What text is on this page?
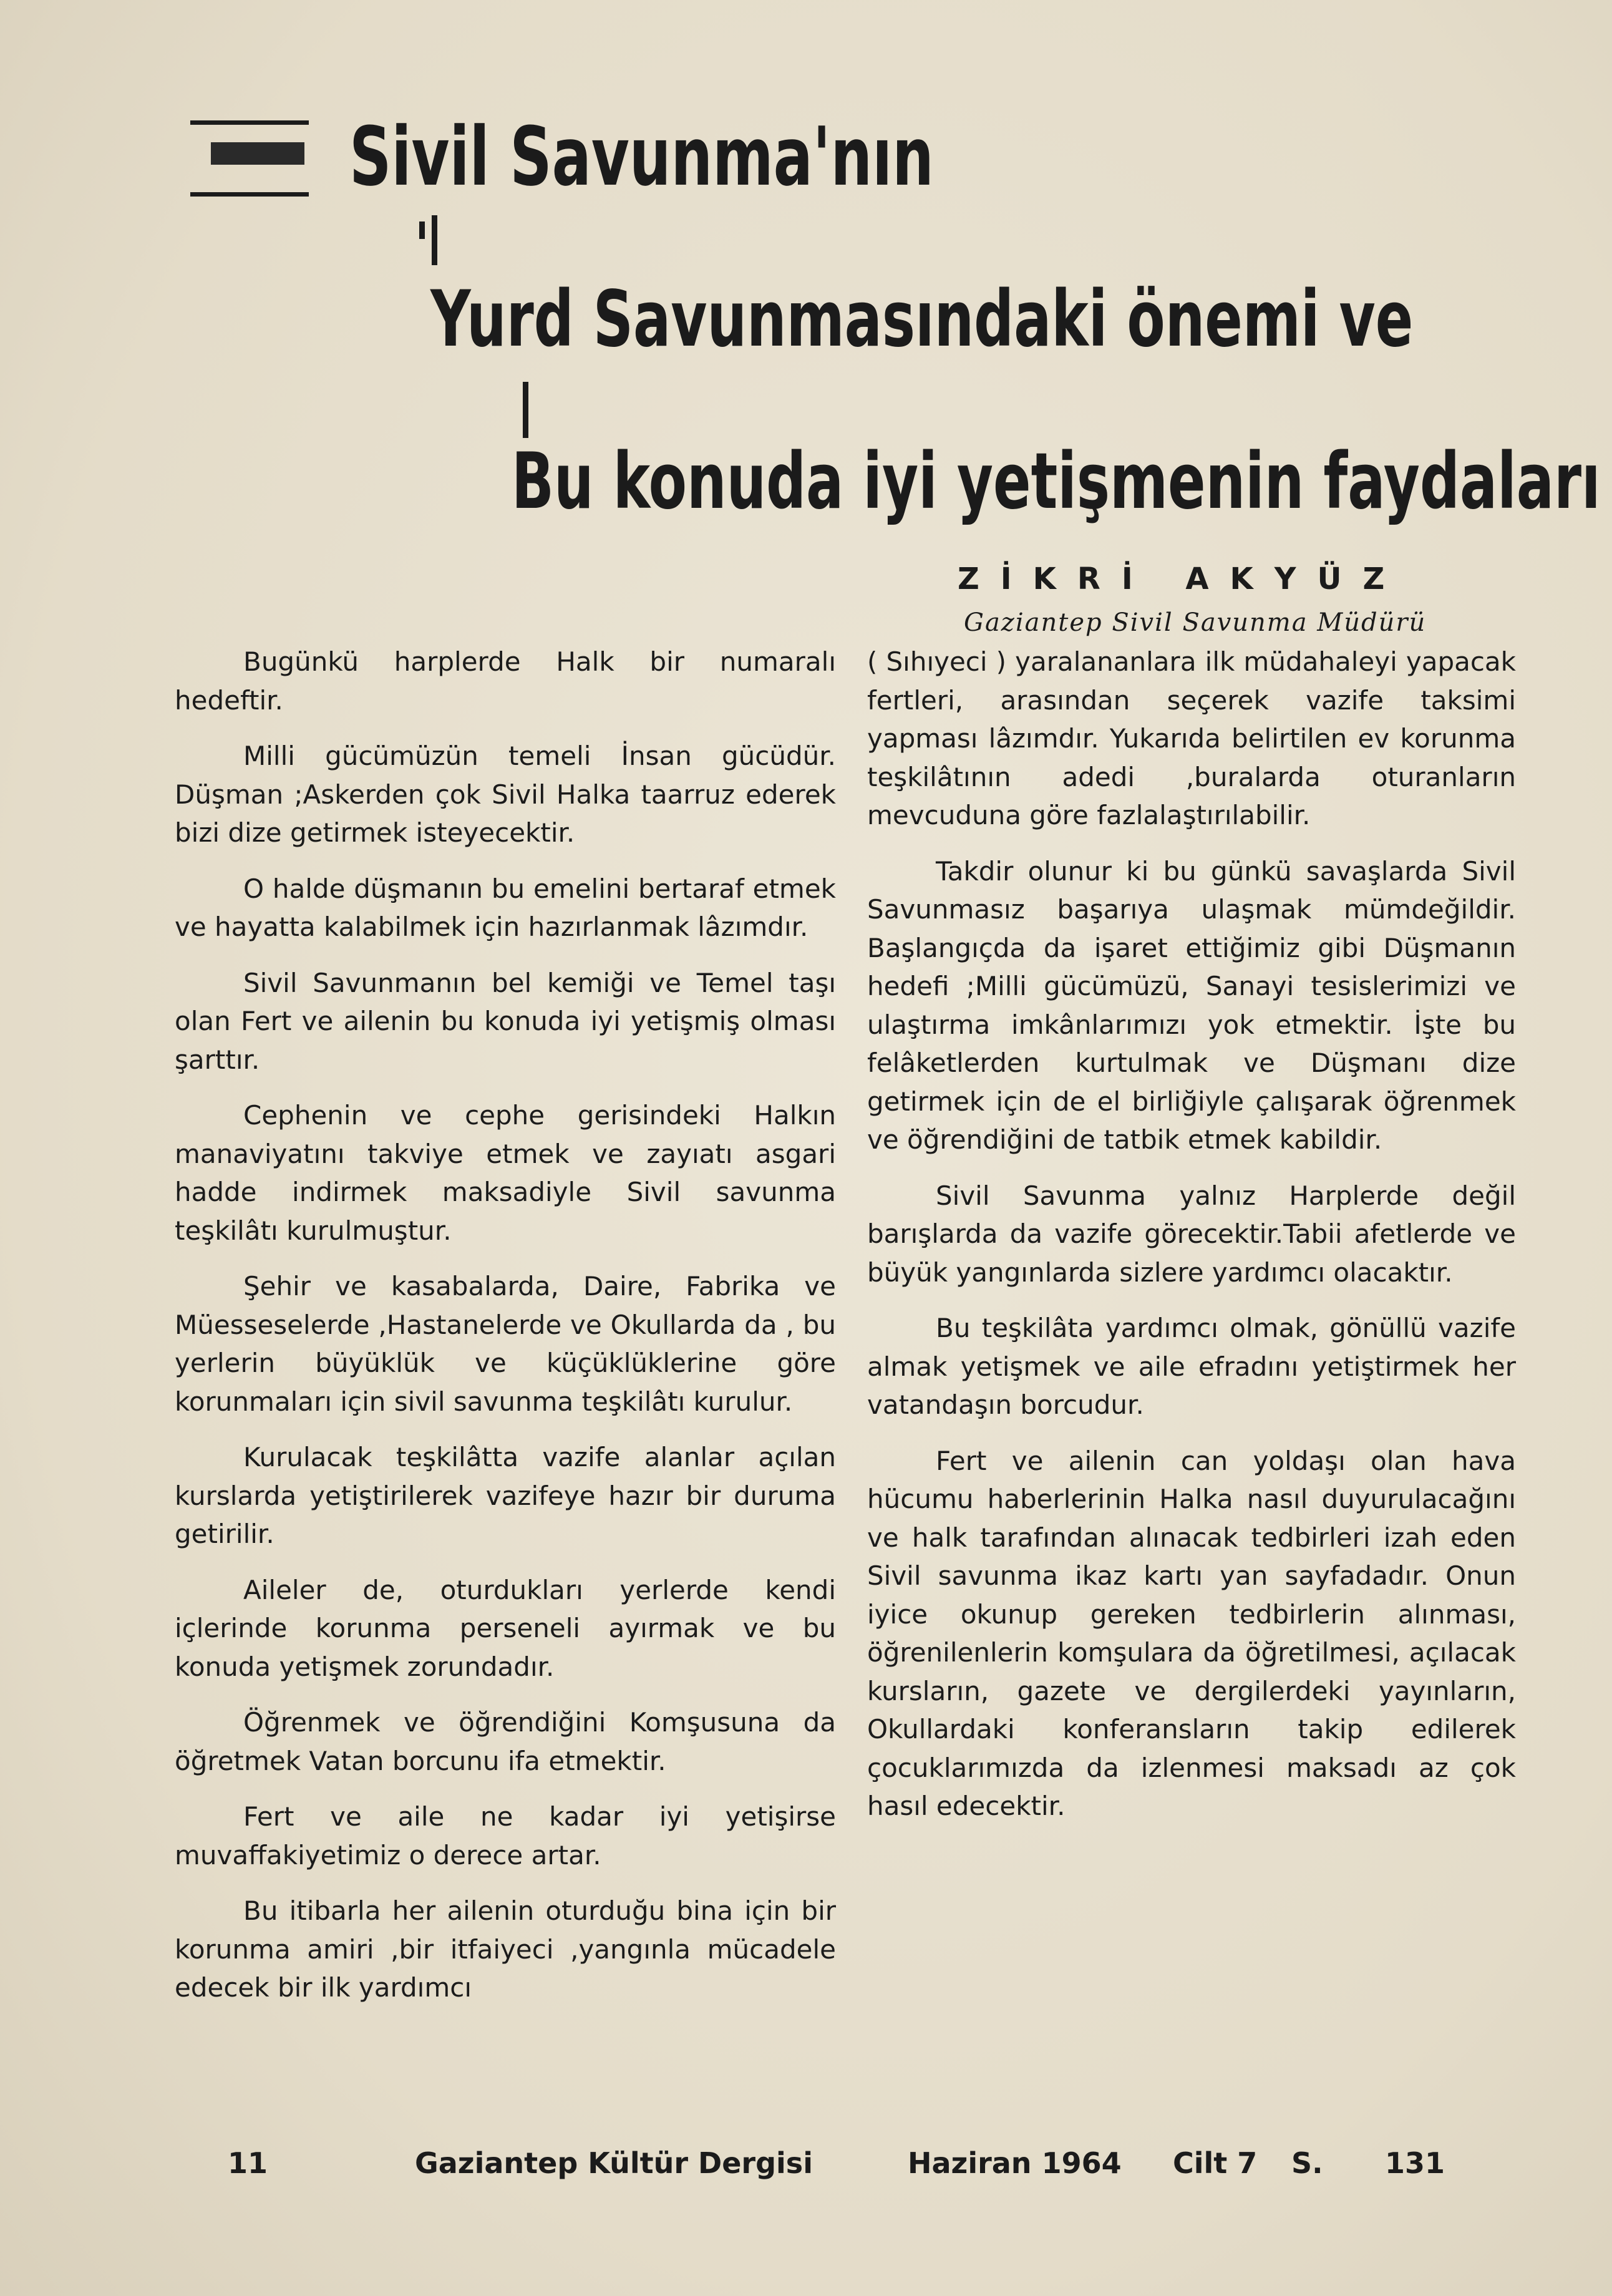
Sivil Savunma'nın
Yurd Savunmasındaki önemi ve
Bu konuda iyi yetişmenin faydaları
ZİKRİ AKYÜZ
Gaziantep Sivil Savunma Müdürü

Bugünkü harplerde Halk bir numaralı hedeftir.

Milli gücümüzün temeli İnsan gücüdür. Düşman ;Askerden çok Sivil Halka taarruz ederek bizi dize getirmek isteyecektir.

O halde düşmanın bu emelini bertaraf etmek ve hayatta kalabilmek için hazırlanmak lâzımdır.

Sivil Savunmanın bel kemiği ve Temel taşı olan Fert ve ailenin bu konuda iyi yetişmiş olması şarttır.

Cephenin ve cephe gerisindeki Halkın manaviyatını takviye etmek ve zayıatı asgari hadde indirmek maksadiyle Sivil savunma teşkilâtı kurulmuştur.

Şehir ve kasabalarda, Daire, Fabrika ve Müesseselerde ,Hastanelerde ve Okullarda da , bu yerlerin büyüklük ve küçüklüklerine göre korunmaları için sivil savunma teşkilâtı kurulur.

Kurulacak teşkilâtta vazife alanlar açılan kurslarda yetiştirilerek vazifeye hazır bir duruma getirilir.

Aileler de, oturdukları yerlerde kendi içlerinde korunma perseneli ayırmak ve bu konuda yetişmek zorundadır.

Öğrenmek ve öğrendiğini Komşusuna da öğretmek Vatan borcunu ifa etmektir.

Fert ve aile ne kadar iyi yetişirse muvaffakiyetimiz o derece artar.

Bu itibarla her ailenin oturduğu bina için bir korunma amiri ,bir itfaiyeci ,yangınla mücadele edecek bir ilk yardımcı

( Sıhıyeci ) yaralananlara ilk müdahaleyi yapacak fertleri, arasından seçerek vazife taksimi yapması lâzımdır. Yukarıda belirtilen ev korunma teşkilâtının adedi ,buralarda oturanların mevcuduna göre fazlalaştırılabilir.

Takdir olunur ki bu günkü savaşlarda Sivil Savunmasız başarıya ulaşmak mümdeğildir. Başlangıçda da işaret ettiğimiz gibi Düşmanın hedefi ;Milli gücümüzü, Sanayi tesislerimizi ve ulaştırma imkânlarımızı yok etmektir. İşte bu felâketlerden kurtulmak ve Düşmanı dize getirmek için de el birliğiyle çalışarak öğrenmek ve öğrendiğini de tatbik etmek kabildir.

Sivil Savunma yalnız Harplerde değil barışlarda da vazife görecektir.Tabii afetlerde ve büyük yangınlarda sizlere yardımcı olacaktır.

Bu teşkilâta yardımcı olmak, gönüllü vazife almak yetişmek ve aile efradını yetiştirmek her vatandaşın borcudur.

Fert ve ailenin can yoldaşı olan hava hücumu haberlerinin Halka nasıl duyurulacağını ve halk tarafından alınacak tedbirleri izah eden Sivil savunma ikaz kartı yan sayfadadır. Onun iyice okunup gereken tedbirlerin alınması, öğrenilenlerin komşulara da öğretilmesi, açılacak kursların, gazete ve dergilerdeki yayınların, Okullardaki konferansların takip edilerek çocuklarımızda da izlenmesi maksadı az çok hasıl edecektir.

11	Gaziantep Kültür Dergisi	Haziran 1964 Cilt 7 S. 131
